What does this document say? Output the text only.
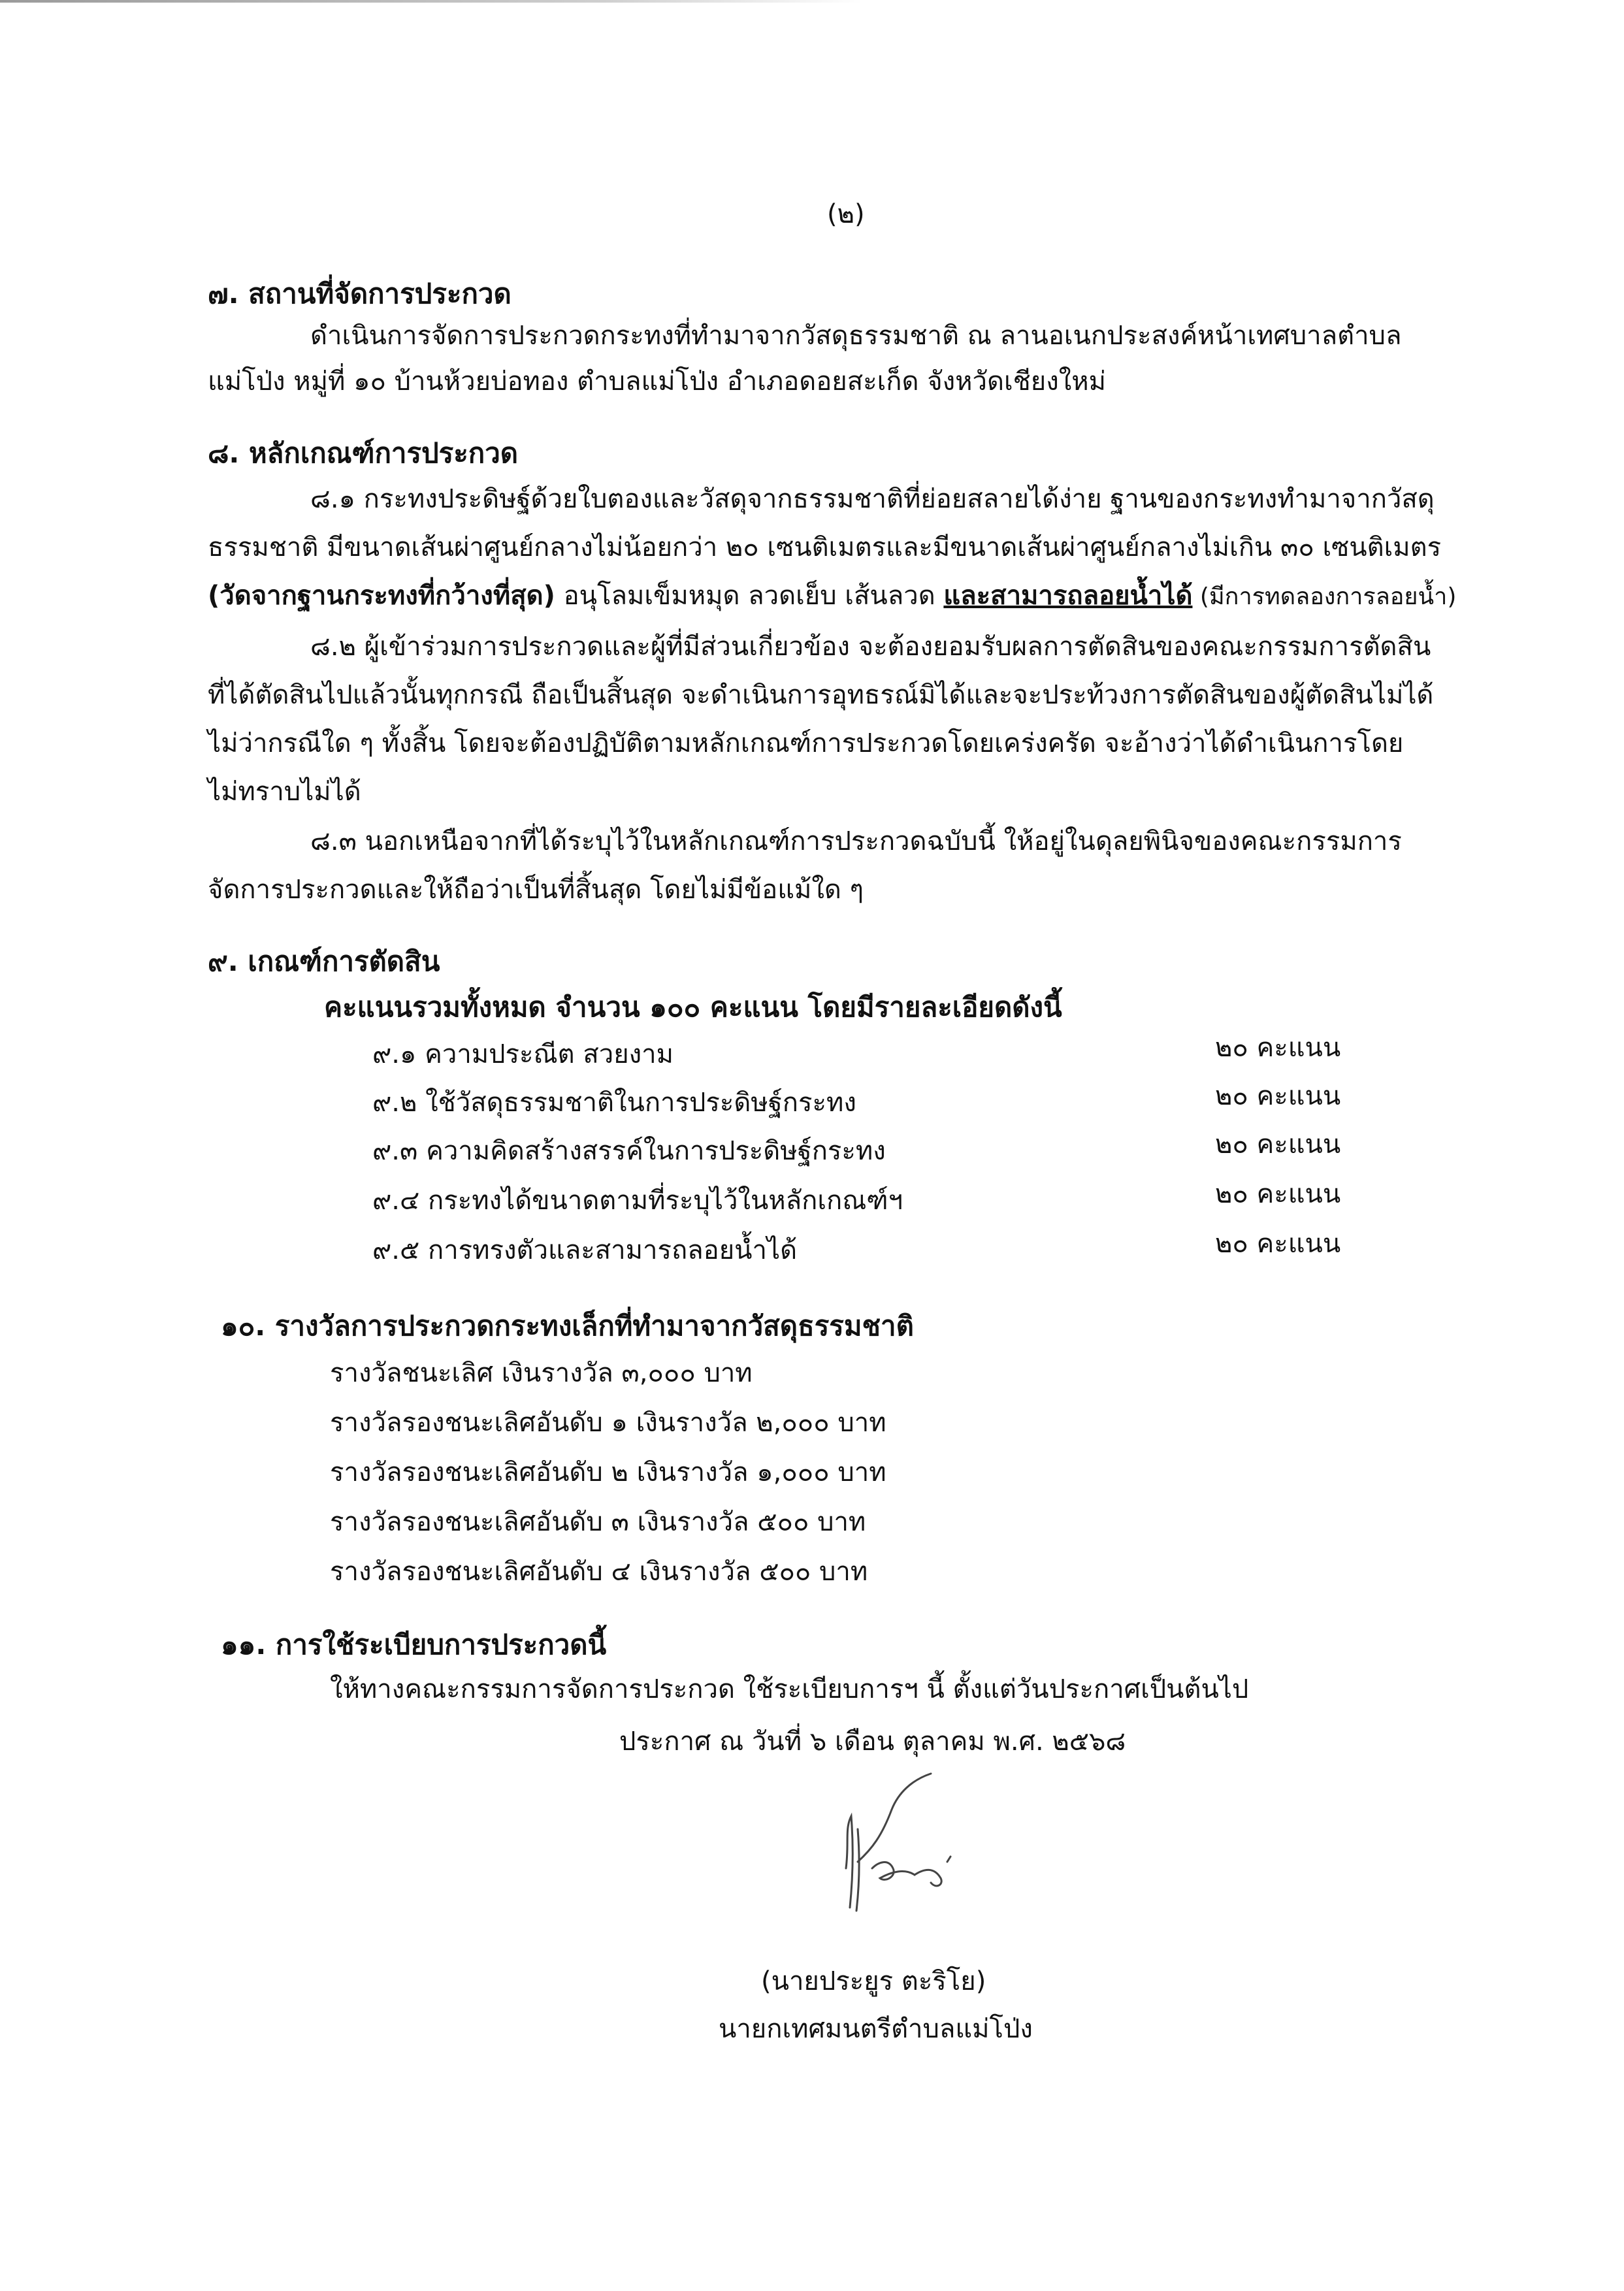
(๒)
๗. สถานที่จัดการประกวด
ดำเนินการจัดการประกวดกระทงที่ทำมาจากวัสดุธรรมชาติ ณ ลานอเนกประสงค์หน้าเทศบาลตำบล
แม่โป่ง หมู่ที่ ๑๐ บ้านห้วยบ่อทอง ตำบลแม่โป่ง อำเภอดอยสะเก็ด จังหวัดเชียงใหม่
๘. หลักเกณฑ์การประกวด
๘.๑ กระทงประดิษฐ์ด้วยใบตองและวัสดุจากธรรมชาติที่ย่อยสลายได้ง่าย ฐานของกระทงทำมาจากวัสดุ
ธรรมชาติ มีขนาดเส้นผ่าศูนย์กลางไม่น้อยกว่า ๒๐ เซนติเมตรและมีขนาดเส้นผ่าศูนย์กลางไม่เกิน ๓๐ เซนติเมตร
(วัดจากฐานกระทงที่กว้างที่สุด) อนุโลมเข็มหมุด ลวดเย็บ เส้นลวด และสามารถลอยน้ำได้ (มีการทดลองการลอยน้ำ)
๘.๒ ผู้เข้าร่วมการประกวดและผู้ที่มีส่วนเกี่ยวข้อง จะต้องยอมรับผลการตัดสินของคณะกรรมการตัดสิน
ที่ได้ตัดสินไปแล้วนั้นทุกกรณี ถือเป็นสิ้นสุด จะดำเนินการอุทธรณ์มิได้และจะประท้วงการตัดสินของผู้ตัดสินไม่ได้
ไม่ว่ากรณีใด ๆ ทั้งสิ้น โดยจะต้องปฏิบัติตามหลักเกณฑ์การประกวดโดยเคร่งครัด จะอ้างว่าได้ดำเนินการโดย
ไม่ทราบไม่ได้
๘.๓ นอกเหนือจากที่ได้ระบุไว้ในหลักเกณฑ์การประกวดฉบับนี้ ให้อยู่ในดุลยพินิจของคณะกรรมการ
จัดการประกวดและให้ถือว่าเป็นที่สิ้นสุด โดยไม่มีข้อแม้ใด ๆ
๙. เกณฑ์การตัดสิน
คะแนนรวมทั้งหมด จำนวน ๑๐๐ คะแนน โดยมีรายละเอียดดังนี้
๙.๑ ความประณีต สวยงาม	๒๐ คะแนน
๙.๒ ใช้วัสดุธรรมชาติในการประดิษฐ์กระทง	๒๐ คะแนน
๙.๓ ความคิดสร้างสรรค์ในการประดิษฐ์กระทง	๒๐ คะแนน
๙.๔ กระทงได้ขนาดตามที่ระบุไว้ในหลักเกณฑ์ฯ	๒๐ คะแนน
๙.๕ การทรงตัวและสามารถลอยน้ำได้	๒๐ คะแนน
๑๐. รางวัลการประกวดกระทงเล็กที่ทำมาจากวัสดุธรรมชาติ
รางวัลชนะเลิศ เงินรางวัล ๓,๐๐๐ บาท
รางวัลรองชนะเลิศอันดับ ๑ เงินรางวัล ๒,๐๐๐ บาท
รางวัลรองชนะเลิศอันดับ ๒ เงินรางวัล ๑,๐๐๐ บาท
รางวัลรองชนะเลิศอันดับ ๓ เงินรางวัล ๕๐๐ บาท
รางวัลรองชนะเลิศอันดับ ๔ เงินรางวัล ๕๐๐ บาท
๑๑. การใช้ระเบียบการประกวดนี้
ให้ทางคณะกรรมการจัดการประกวด ใช้ระเบียบการฯ นี้ ตั้งแต่วันประกาศเป็นต้นไป
ประกาศ ณ วันที่ ๖ เดือน ตุลาคม พ.ศ. ๒๕๖๘
(นายประยูร ตะริโย)
นายกเทศมนตรีตำบลแม่โป่ง
